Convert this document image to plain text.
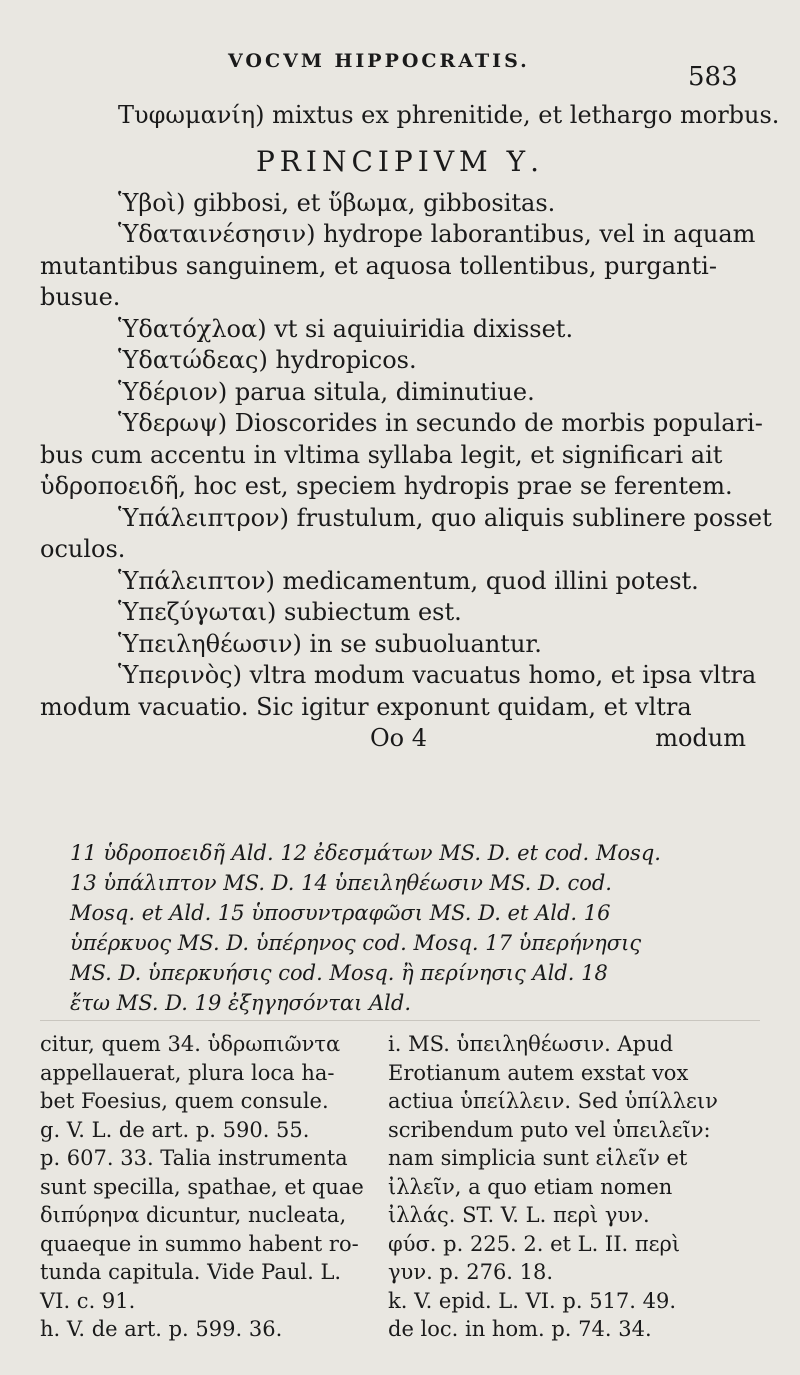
VOCVM HIPPOCRATIS.
583
Τυφωμανίη) mixtus ex phrenitide, et lethargo morbus.
PRINCIPIVM Υ.
Ὑβοὶ) gibbosi, et ὕβωμα, gibbositas.
Ὑδαταινέσησιν) hydrope laborantibus, vel in aquam
mutantibus sanguinem, et aquosa tollentibus, purganti-
busue.
Ὑδατόχλοα) vt si aquiuiridia dixisset.
Ὑδατώδεας) hydropicos.
Ὑδέριον) parua situla, diminutiue.
Ὑδερωψ) Dioscorides in secundo de morbis populari-
bus cum accentu in vltima syllaba legit, et significari ait
ὑδροποειδῆ, hoc est, speciem hydropis prae se ferentem.
Ὑπάλειπτρον) frustulum, quo aliquis sublinere posset
oculos.
Ὑπάλειπτον) medicamentum, quod illini potest.
Ὑπεζύγωται) subiectum est.
Ὑπειληθέωσιν) in se subuoluantur.
Ὑπερινὸς) vltra modum vacuatus homo, et ipsa vltra
modum vacuatio. Sic igitur exponunt quidam, et vltra
Oo 4	modum
11 ὑδροποειδῆ Ald. 12 ἐδεσμάτων MS. D. et cod. Mosq.
13 ὑπάλιπτον MS. D. 14 ὑπειληθέωσιν MS. D. cod.
Mosq. et Ald. 15 ὑποσυντραφῶσι MS. D. et Ald. 16
ὑπέρκυος MS. D. ὑπέρηνος cod. Mosq. 17 ὑπερήνησις
MS. D. ὑπερκυήσις cod. Mosq. ἢ περίνησις Ald. 18
ἔτω MS. D. 19 ἐξηγησόνται Ald.
citur, quem 34. ὑδρωπιῶντα
appellauerat, plura loca ha-
bet Foesius, quem consule.
g. V. L. de art. p. 590. 55.
p. 607. 33. Talia instrumenta
sunt specilla, spathae, et quae
διπύρηνα dicuntur, nucleata,
quaeque in summo habent ro-
tunda capitula. Vide Paul. L.
VI. c. 91.
h. V. de art. p. 599. 36.
i. MS. ὑπειληθέωσιν. Apud
Erotianum autem exstat vox
actiua ὑπείλλειν. Sed ὑπίλλειν
scribendum puto vel ὑπειλεῖν:
nam simplicia sunt εἱλεῖν et
ἰλλεῖν, a quo etiam nomen
ἰλλάς. ST. V. L. περὶ γυν.
φύσ. p. 225. 2. et L. II. περὶ
γυν. p. 276. 18.
k. V. epid. L. VI. p. 517. 49.
de loc. in hom. p. 74. 34.
